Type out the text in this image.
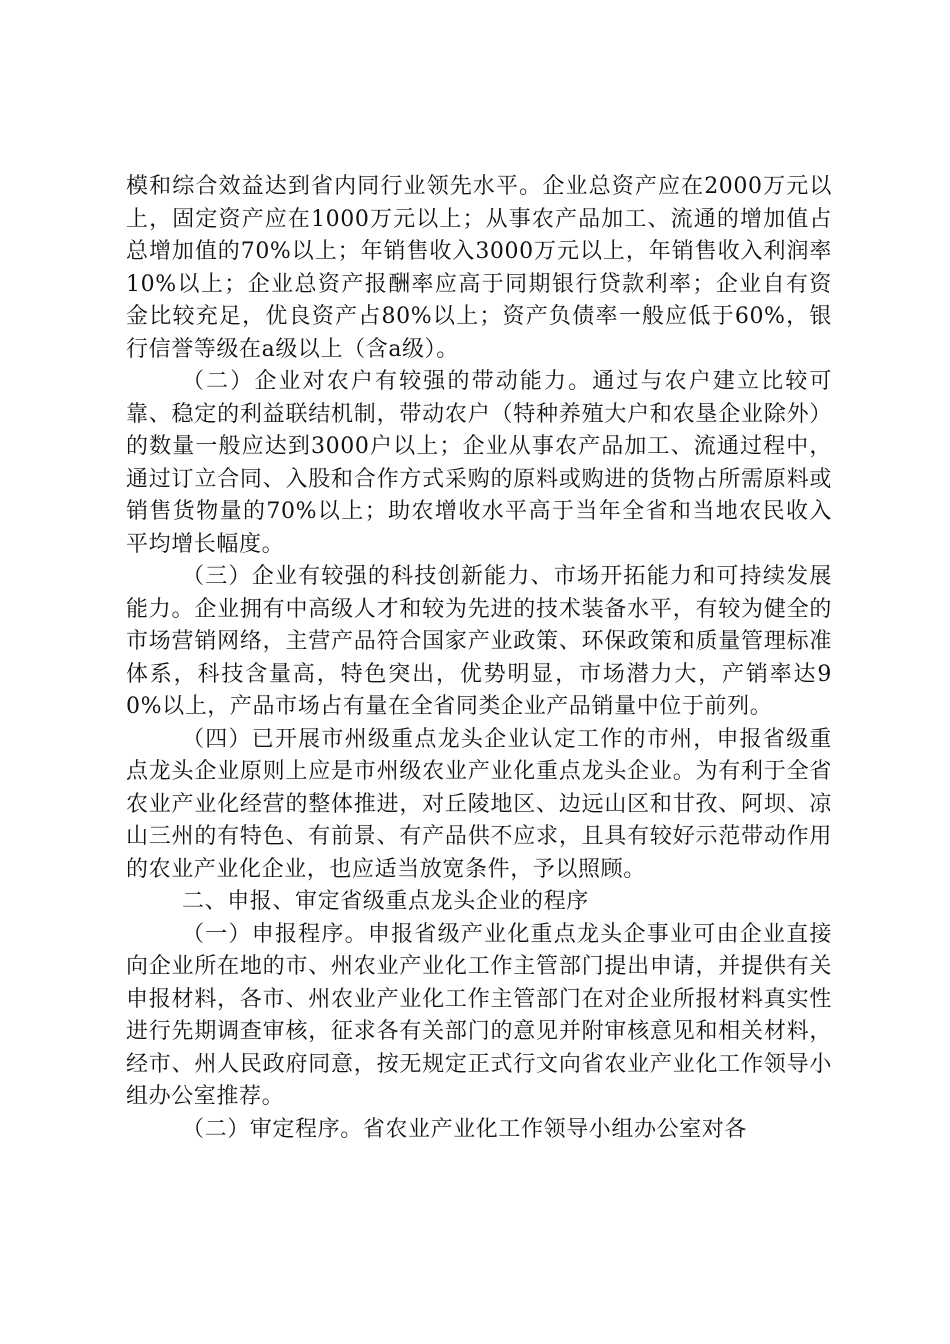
模和综合效益达到省内同行业领先水平。企业总资产应在2000万元以上，固定资产应在1000万元以上；从事农产品加工、流通的增加值占总增加值的70%以上；年销售收入3000万元以上，年销售收入利润率10%以上；企业总资产报酬率应高于同期银行贷款利率；企业自有资金比较充足，优良资产占80%以上；资产负债率一般应低于60%，银行信誉等级在a级以上（含a级）。

（二）企业对农户有较强的带动能力。通过与农户建立比较可靠、稳定的利益联结机制，带动农户（特种养殖大户和农垦企业除外）的数量一般应达到3000户以上；企业从事农产品加工、流通过程中，通过订立合同、入股和合作方式采购的原料或购进的货物占所需原料或销售货物量的70%以上；助农增收水平高于当年全省和当地农民收入平均增长幅度。

（三）企业有较强的科技创新能力、市场开拓能力和可持续发展能力。企业拥有中高级人才和较为先进的技术装备水平，有较为健全的市场营销网络，主营产品符合国家产业政策、环保政策和质量管理标准体系，科技含量高，特色突出，优势明显，市场潜力大，产销率达90%以上，产品市场占有量在全省同类企业产品销量中位于前列。

（四）已开展市州级重点龙头企业认定工作的市州，申报省级重点龙头企业原则上应是市州级农业产业化重点龙头企业。为有利于全省农业产业化经营的整体推进，对丘陵地区、边远山区和甘孜、阿坝、凉山三州的有特色、有前景、有产品供不应求，且具有较好示范带动作用的农业产业化企业，也应适当放宽条件，予以照顾。

二、申报、审定省级重点龙头企业的程序

（一）申报程序。申报省级产业化重点龙头企事业可由企业直接向企业所在地的市、州农业产业化工作主管部门提出申请，并提供有关申报材料，各市、州农业产业化工作主管部门在对企业所报材料真实性进行先期调查审核，征求各有关部门的意见并附审核意见和相关材料，经市、州人民政府同意，按无规定正式行文向省农业产业化工作领导小组办公室推荐。

（二）审定程序。省农业产业化工作领导小组办公室对各
